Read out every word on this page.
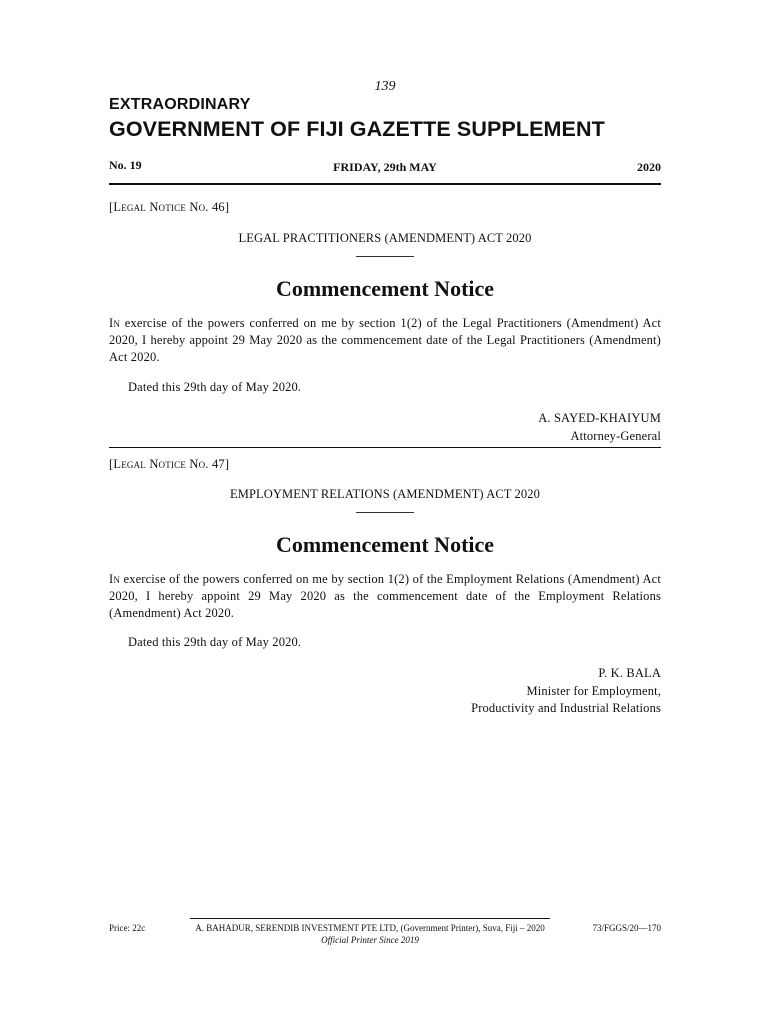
139
EXTRAORDINARY
GOVERNMENT OF FIJI GAZETTE SUPPLEMENT
No. 19	FRIDAY, 29th MAY	2020
[Legal Notice No. 46]
LEGAL PRACTITIONERS (AMENDMENT) ACT 2020
Commencement Notice
In exercise of the powers conferred on me by section 1(2) of the Legal Practitioners (Amendment) Act 2020, I hereby appoint 29 May 2020 as the commencement date of the Legal Practitioners (Amendment) Act 2020.
Dated this 29th day of May 2020.
A. SAYED-KHAIYUM
Attorney-General
[Legal Notice No. 47]
EMPLOYMENT RELATIONS (AMENDMENT) ACT 2020
Commencement Notice
In exercise of the powers conferred on me by section 1(2) of the Employment Relations (Amendment) Act 2020, I hereby appoint 29 May 2020 as the commencement date of the Employment Relations (Amendment) Act 2020.
Dated this 29th day of May 2020.
P. K. BALA
Minister for Employment,
Productivity and Industrial Relations
Price: 22c	A. BAHADUR, SERENDIB INVESTMENT PTE LTD, (Government Printer), Suva, Fiji – 2020
Official Printer Since 2019
73/FGGS/20—170
